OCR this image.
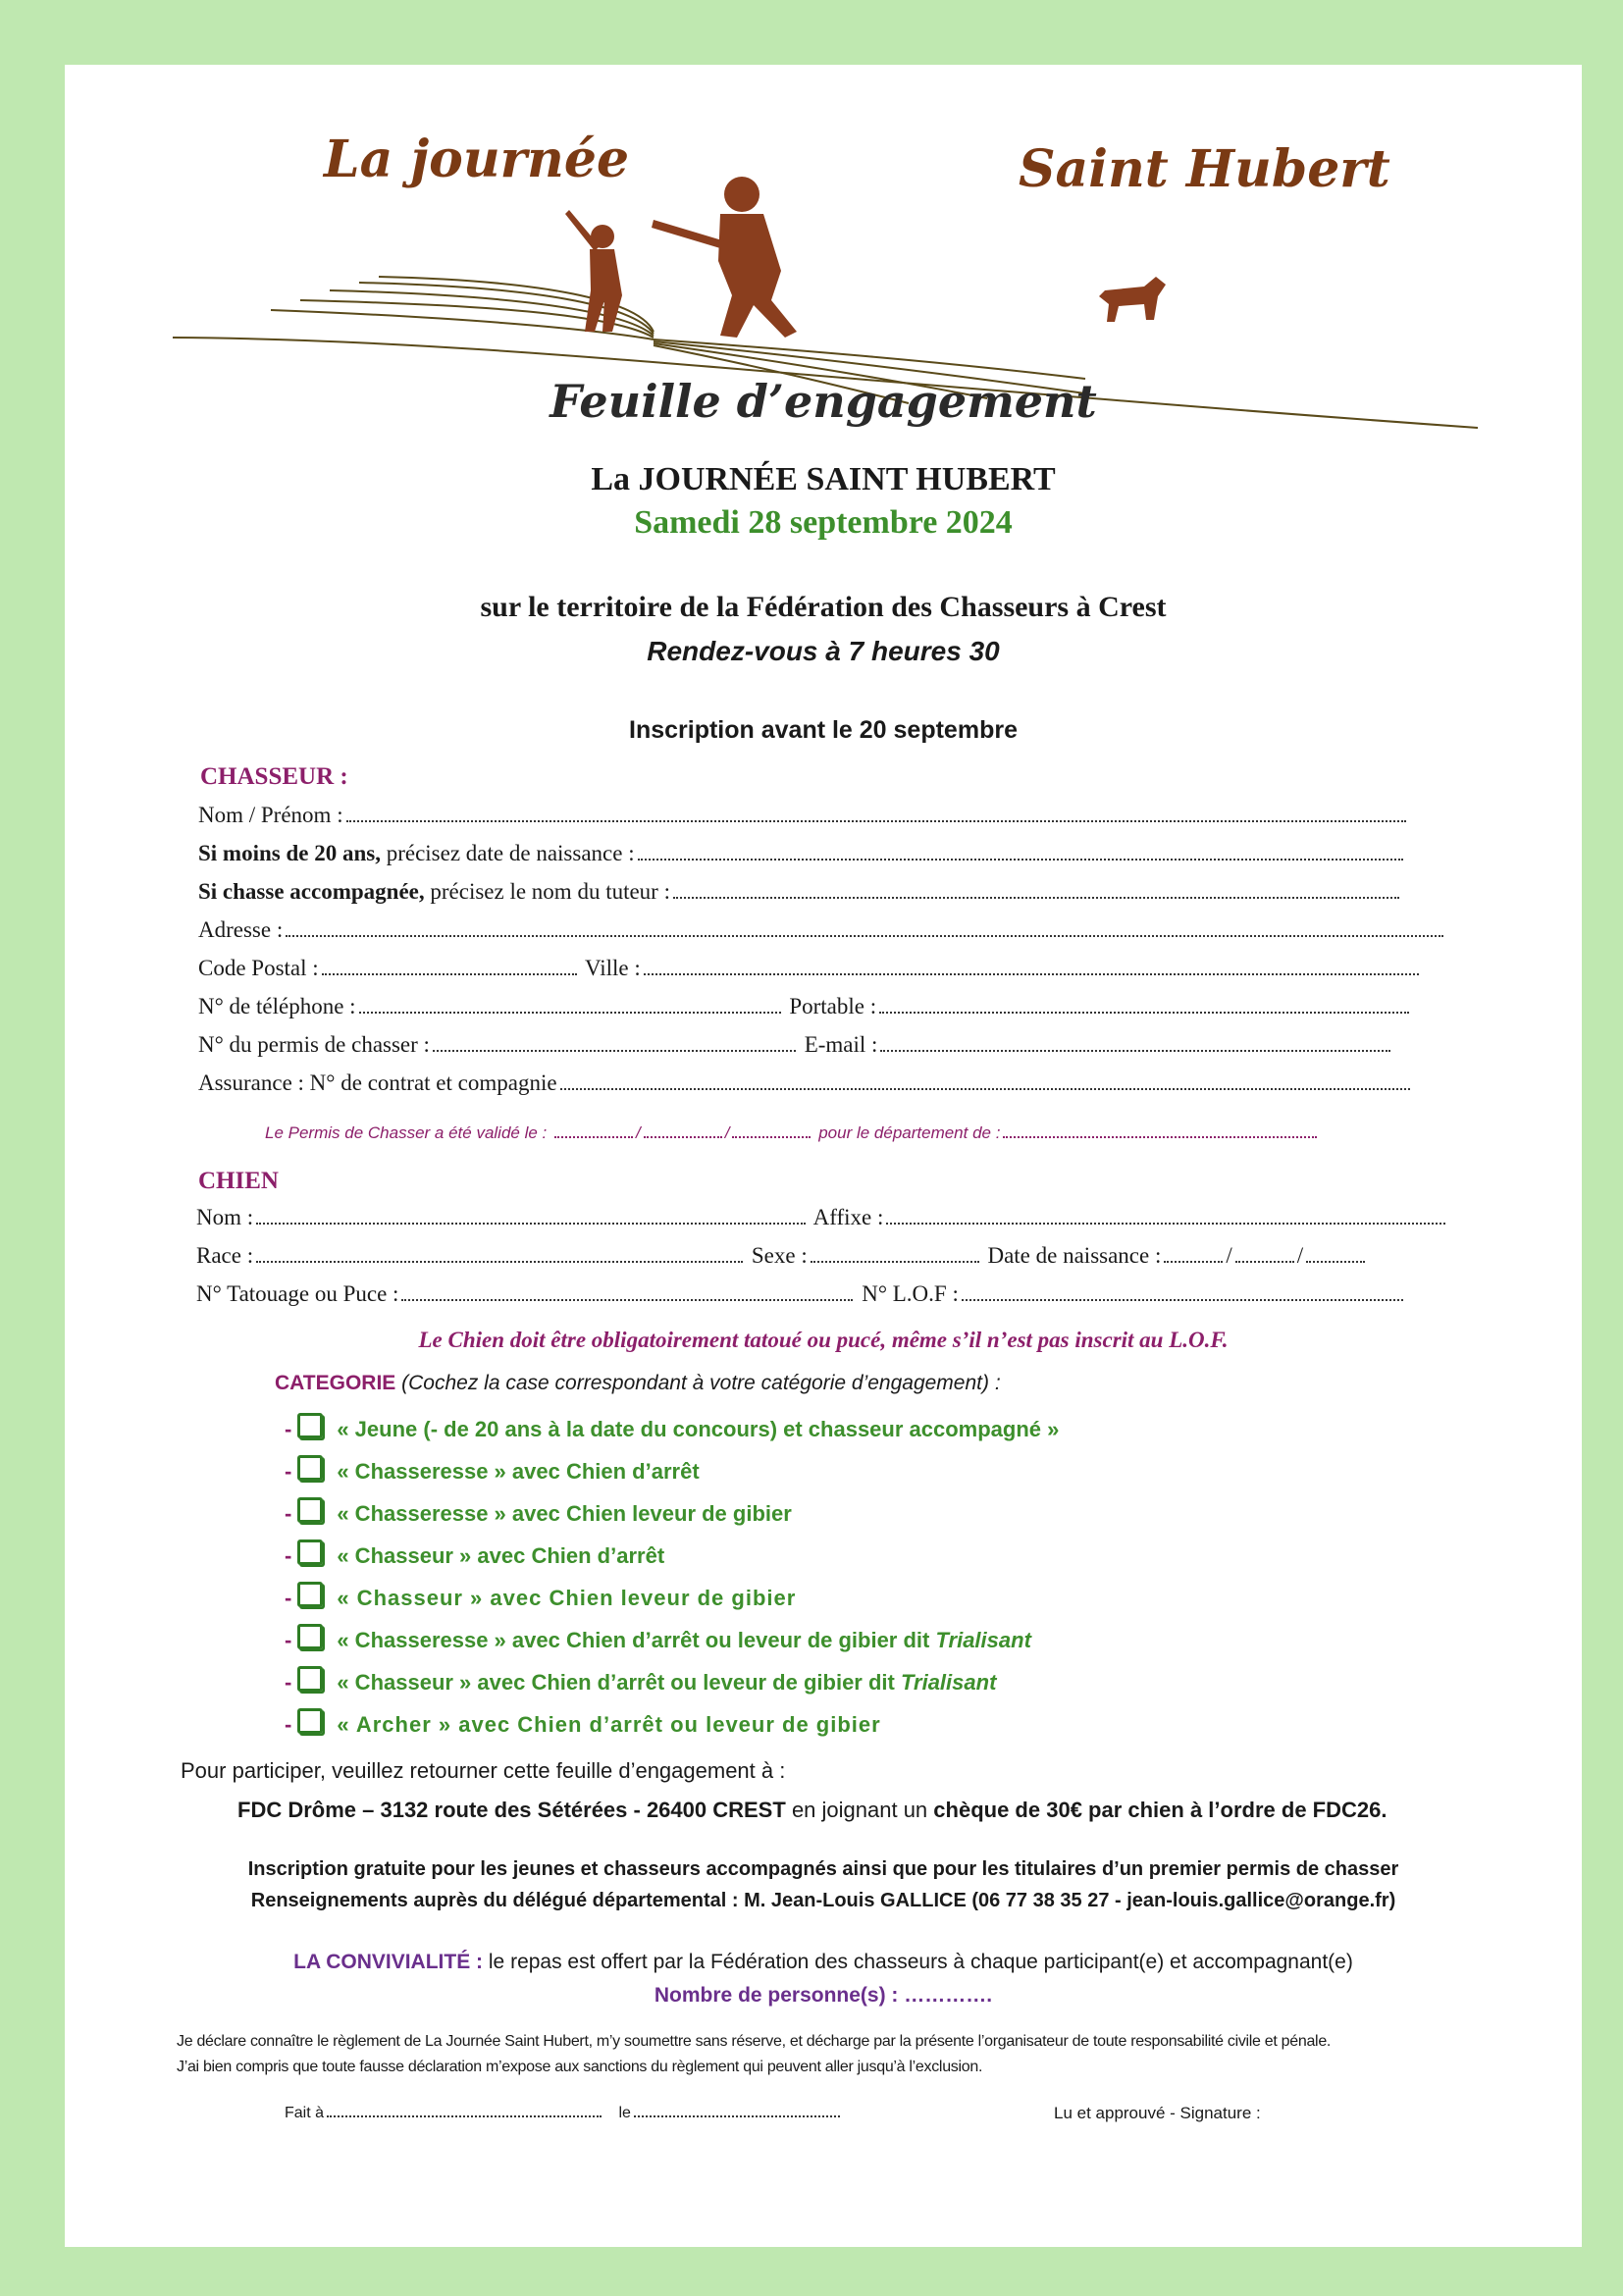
La journée	Saint Hubert
Feuille d’engagement
La JOURNÉE SAINT HUBERT
Samedi 28 septembre 2024
sur le territoire de la Fédération des Chasseurs à Crest
Rendez-vous à 7 heures 30
Inscription avant le 20 septembre
CHASSEUR :
Nom / Prénom :
Si moins de 20 ans, précisez date de naissance :
Si chasse accompagnée, précisez le nom du tuteur :
Adresse :
Code Postal :	Ville :
N° de téléphone :	Portable :
N° du permis de chasser :	E-mail :
Assurance : N° de contrat et compagnie
Le Permis de Chasser a été validé le :	/	/	pour le département de :
CHIEN
Nom :	Affixe :
Race :	Sexe :	Date de naissance :	/	/
N° Tatouage ou Puce :	N° L.O.F :
Le Chien doit être obligatoirement tatoué ou pucé, même s’il n’est pas inscrit au L.O.F.
CATEGORIE (Cochez la case correspondant à votre catégorie d’engagement) :
- « Jeune (- de 20 ans à la date du concours) et chasseur accompagné »
- « Chasseresse » avec Chien d’arrêt
- « Chasseresse » avec Chien leveur de gibier
- « Chasseur » avec Chien d’arrêt
- « Chasseur » avec Chien leveur de gibier
- « Chasseresse » avec Chien d’arrêt ou leveur de gibier dit Trialisant
- « Chasseur » avec Chien d’arrêt ou leveur de gibier dit Trialisant
- « Archer » avec Chien d’arrêt ou leveur de gibier
Pour participer, veuillez retourner cette feuille d’engagement à :
FDC Drôme – 3132 route des Sétérées - 26400 CREST en joignant un chèque de 30€ par chien à l’ordre de FDC26.
Inscription gratuite pour les jeunes et chasseurs accompagnés ainsi que pour les titulaires d’un premier permis de chasser
Renseignements auprès du délégué départemental : M. Jean-Louis GALLICE (06 77 38 35 27 - jean-louis.gallice@orange.fr)
LA CONVIVIALITÉ : le repas est offert par la Fédération des chasseurs à chaque participant(e) et accompagnant(e)
Nombre de personne(s) : ………….
Je déclare connaître le règlement de La Journée Saint Hubert, m’y soumettre sans réserve, et décharge par la présente l’organisateur de toute responsabilité civile et pénale.
J’ai bien compris que toute fausse déclaration m’expose aux sanctions du règlement qui peuvent aller jusqu’à l’exclusion.
Fait à	le	Lu et approuvé - Signature :
